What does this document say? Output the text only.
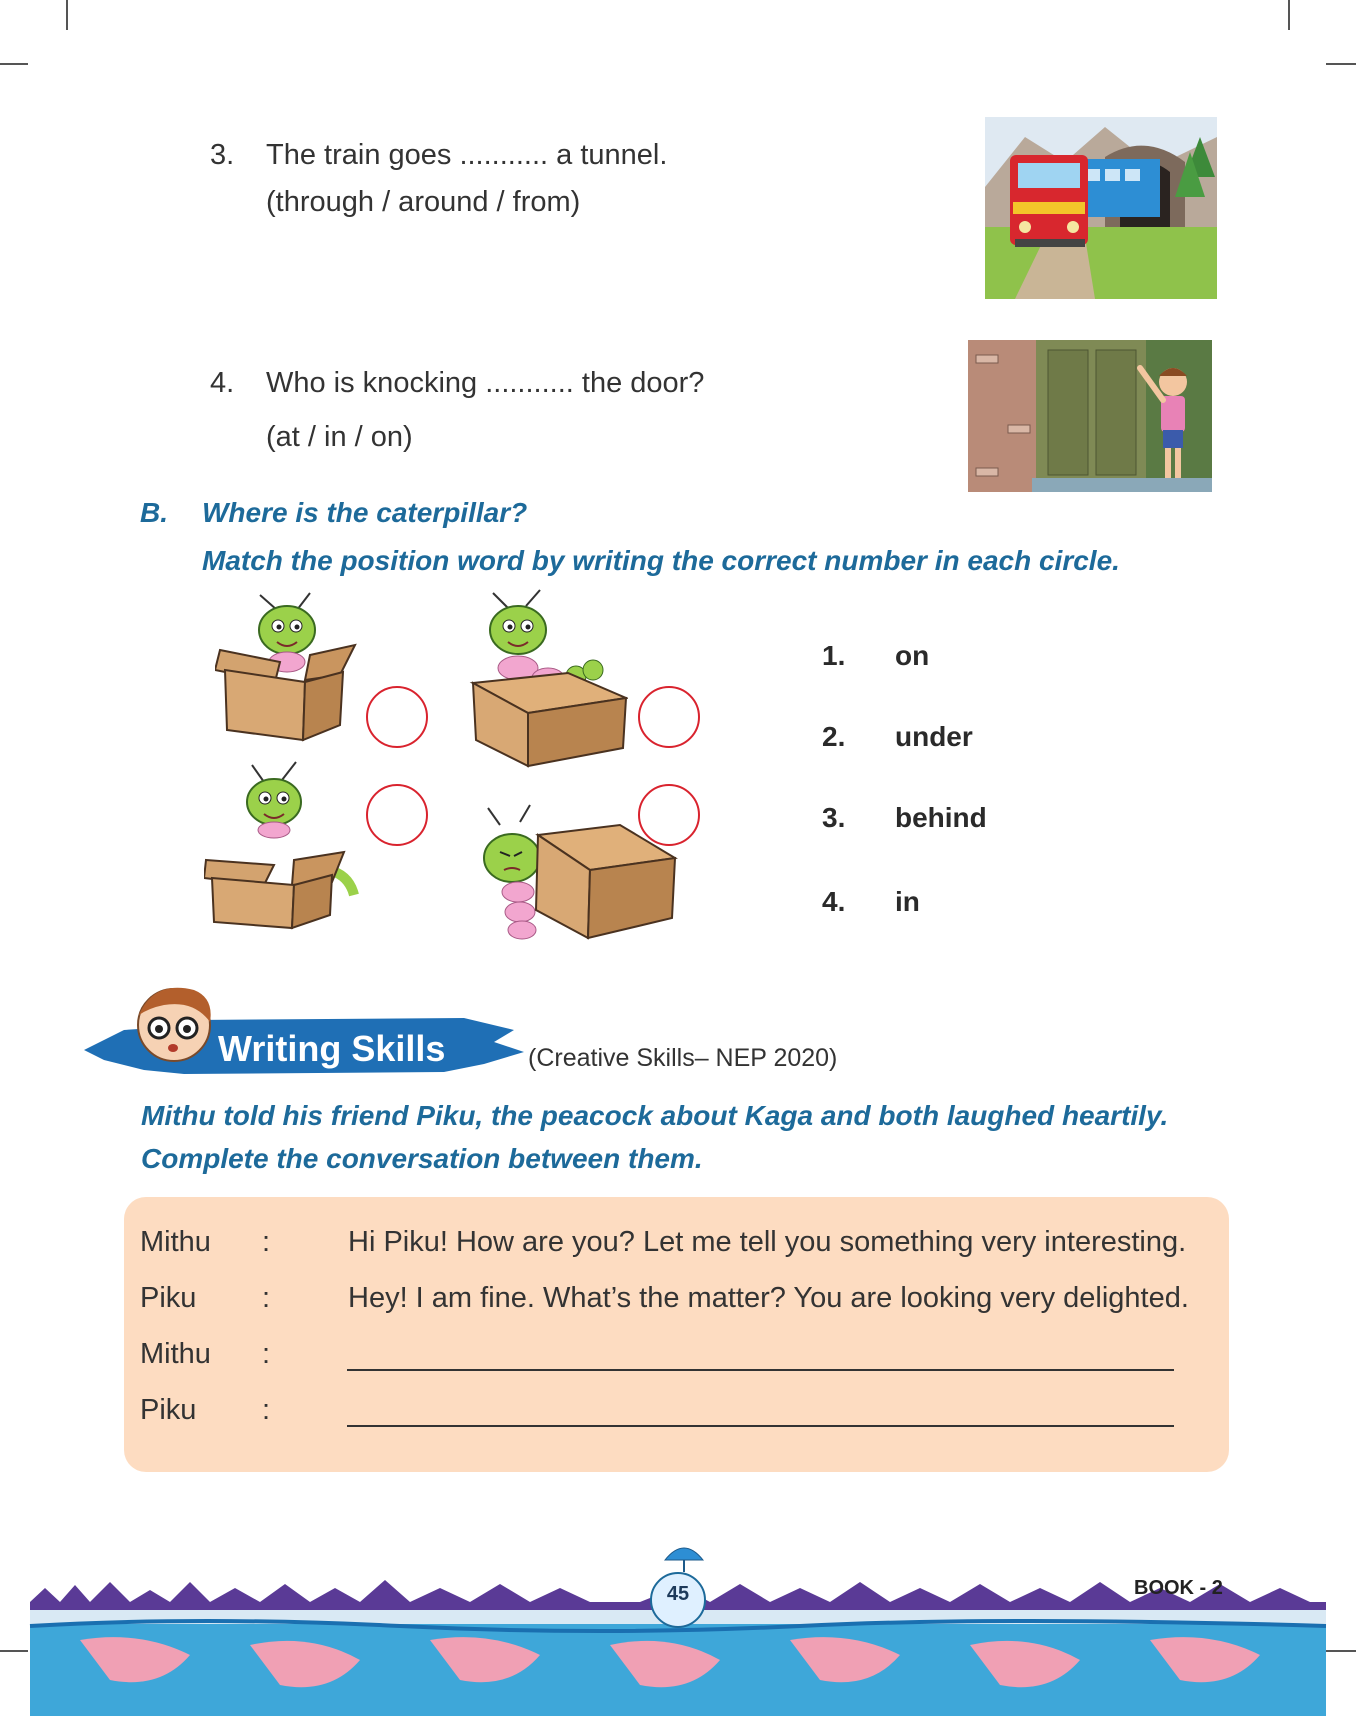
3. The train goes ........... a tunnel.
(through / around / from)
4. Who is knocking ........... the door?
(at / in / on)
B. Where is the caterpillar?
Match the position word by writing the correct number in each circle.
1. on
2. under
3. behind
4. in
Writing Skills	(Creative Skills– NEP 2020)
Mithu told his friend Piku, the peacock about Kaga and both laughed heartily.
Complete the conversation between them.
Mithu :	Hi Piku! How are you? Let me tell you something very interesting.
Piku :	Hey! I am fine. What’s the matter? You are looking very delighted.
Mithu :
Piku :
45	BOOK - 2
